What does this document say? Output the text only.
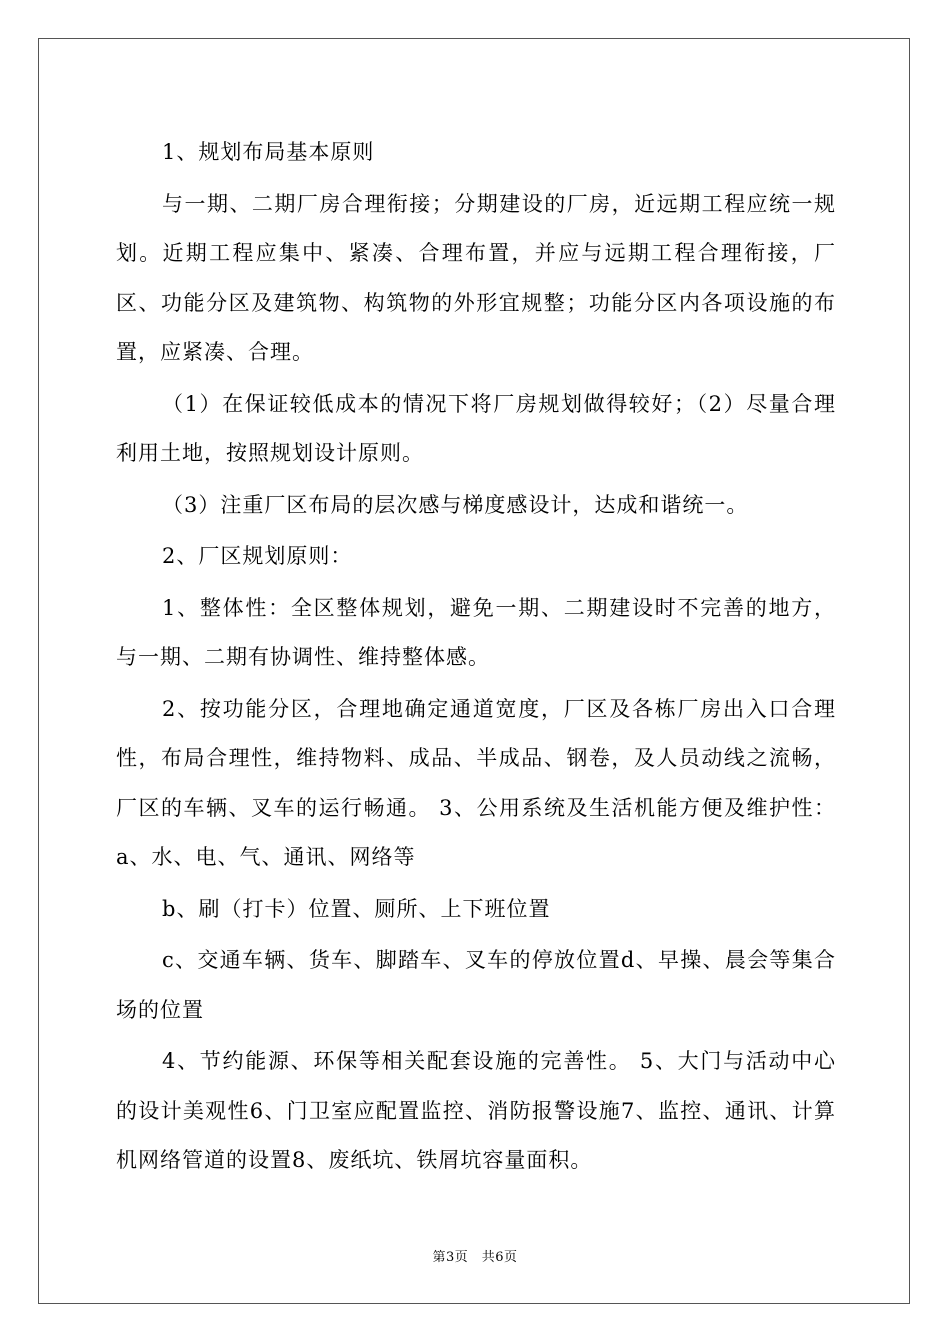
1、规划布局基本原则

与一期、二期厂房合理衔接；分期建设的厂房，近远期工程应统一规划。近期工程应集中、紧凑、合理布置，并应与远期工程合理衔接，厂区、功能分区及建筑物、构筑物的外形宜规整；功能分区内各项设施的布置，应紧凑、合理。

（1）在保证较低成本的情况下将厂房规划做得较好；（2）尽量合理利用土地，按照规划设计原则。

（3）注重厂区布局的层次感与梯度感设计，达成和谐统一。

2、厂区规划原则：

1、整体性：全区整体规划，避免一期、二期建设时不完善的地方，与一期、二期有协调性、维持整体感。

2、按功能分区，合理地确定通道宽度，厂区及各栋厂房出入口合理性，布局合理性，维持物料、成品、半成品、钢卷，及人员动线之流畅，厂区的车辆、叉车的运行畅通。 3、公用系统及生活机能方便及维护性：a、水、电、气、通讯、网络等

b、刷（打卡）位置、厕所、上下班位置

c、交通车辆、货车、脚踏车、叉车的停放位置d、早操、晨会等集合场的位置

4、节约能源、环保等相关配套设施的完善性。 5、大门与活动中心的设计美观性6、门卫室应配置监控、消防报警设施7、监控、通讯、计算机网络管道的设置8、废纸坑、铁屑坑容量面积。

第3页　共6页
